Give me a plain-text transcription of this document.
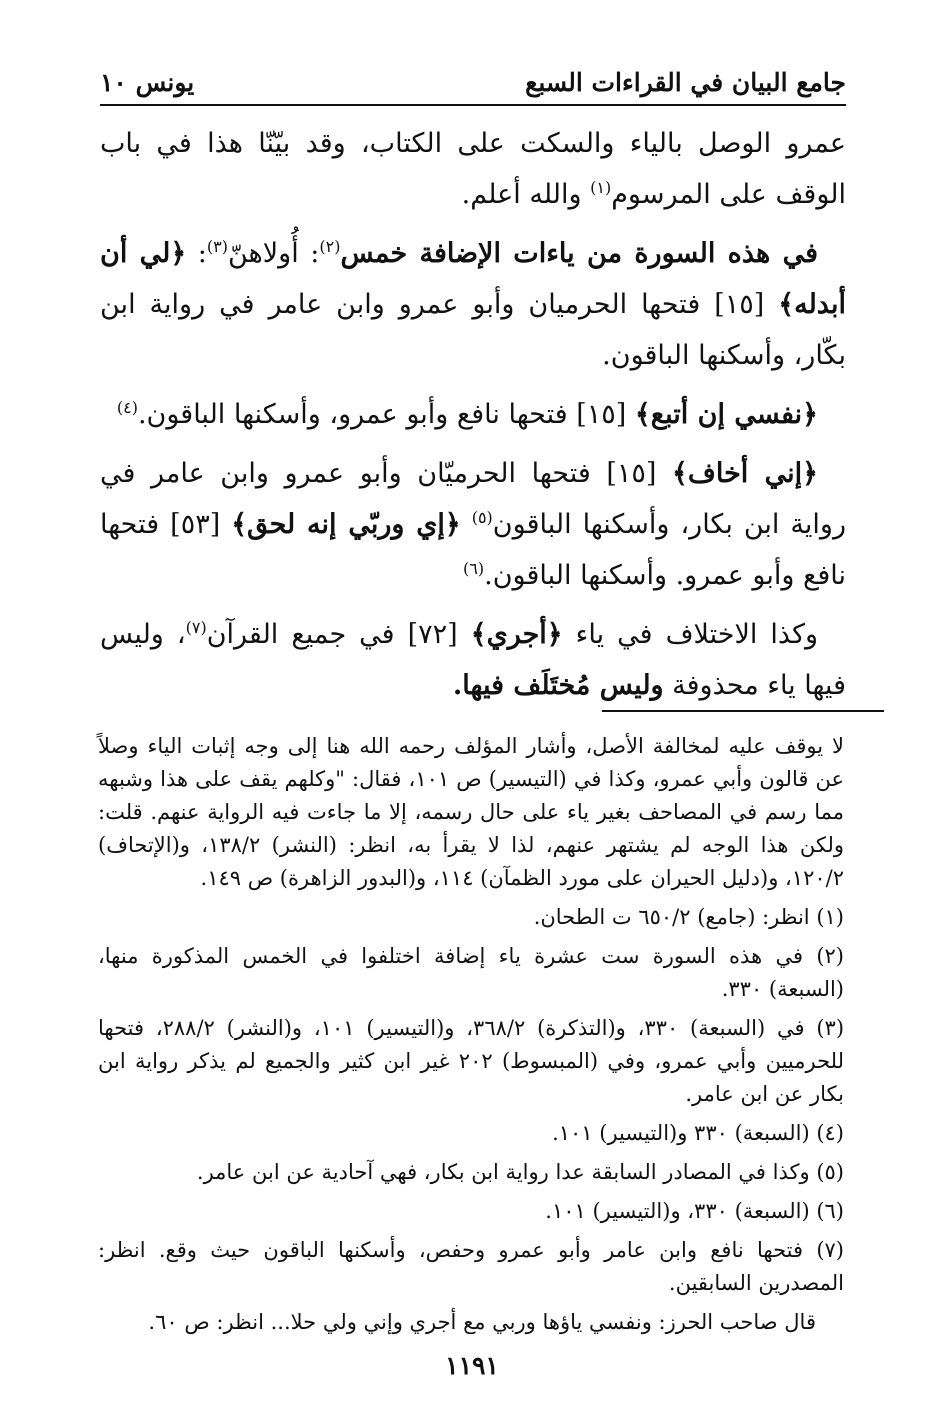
جامع البيان في القراءات السبع
يونس ١٠

عمرو الوصل بالياء والسكت على الكتاب، وقد بيّنّا هذا في باب الوقف على المرسوم$^{(١)}$ والله أعلم.

في هذه السورة من ياءات الإضافة خمس$^{(٢)}$: أُولاهنّ$^{(٣)}$: ﴿لي أن أبدله﴾ [١٥] فتحها الحرميان وأبو عمرو وابن عامر في رواية ابن بكّار، وأسكنها الباقون.

﴿نفسي إن أتبع﴾ [١٥] فتحها نافع وأبو عمرو، وأسكنها الباقون.$^{(٤)}$

﴿إني أخاف﴾ [١٥] فتحها الحرميّان وأبو عمرو وابن عامر في رواية ابن بكار، وأسكنها الباقون$^{(٥)}$ ﴿إي وربّي إنه لحق﴾ [٥٣] فتحها نافع وأبو عمرو. وأسكنها الباقون.$^{(٦)}$

وكذا الاختلاف في ياء ﴿أجري﴾ [٧٢] في جميع القرآن$^{(٧)}$، وليس فيها ياء محذوفة وليس مُختَلَف فيها.

لا يوقف عليه لمخالفة الأصل، وأشار المؤلف رحمه الله هنا إلى وجه إثبات الياء وصلاً عن قالون وأبي عمرو، وكذا في (التيسير) ص ١٠١، فقال: "وكلهم يقف على هذا وشبهه مما رسم في المصاحف بغير ياء على حال رسمه، إلا ما جاءت فيه الرواية عنهم. قلت: ولكن هذا الوجه لم يشتهر عنهم، لذا لا يقرأ به، انظر: (النشر) ١٣٨/٢، و(الإتحاف) ١٢٠/٢، و(دليل الحيران على مورد الظمآن) ١١٤، و(البدور الزاهرة) ص ١٤٩.

(١) انظر: (جامع) ٦٥٠/٢ ت الطحان.

(٢) في هذه السورة ست عشرة ياء إضافة اختلفوا في الخمس المذكورة منها، (السبعة) ٣٣٠.

(٣) في (السبعة) ٣٣٠، و(التذكرة) ٣٦٨/٢، و(التيسير) ١٠١، و(النشر) ٢٨٨/٢، فتحها للحرميين وأبي عمرو، وفي (المبسوط) ٢٠٢ غير ابن كثير والجميع لم يذكر رواية ابن بكار عن ابن عامر.

(٤) (السبعة) ٣٣٠ و(التيسير) ١٠١.

(٥) وكذا في المصادر السابقة عدا رواية ابن بكار، فهي آحادية عن ابن عامر.

(٦) (السبعة) ٣٣٠، و(التيسير) ١٠١.

(٧) فتحها نافع وابن عامر وأبو عمرو وحفص، وأسكنها الباقون حيث وقع. انظر: المصدرين السابقين.

قال صاحب الحرز: ونفسي ياؤها وربي مع أجري وإني ولي حلا... انظر: ص ٦٠.

١١٩١
